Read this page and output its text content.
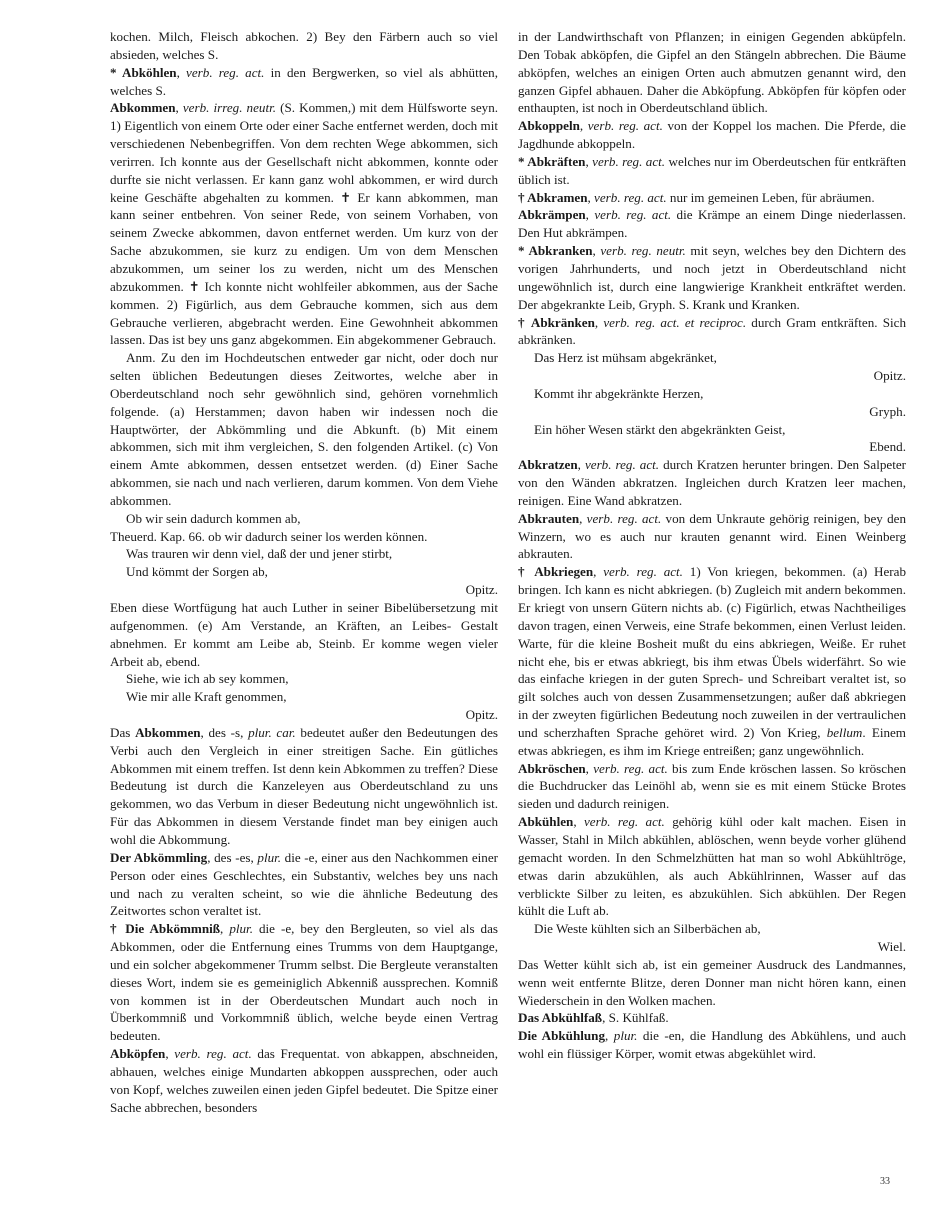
kochen. Milch, Fleisch abkochen. 2) Bey den Färbern auch so viel absieden, welches S.

* Abköhlen, verb. reg. act. in den Bergwerken, so viel als abhütten, welches S.

Abkommen, verb. irreg. neutr. (S. Kommen,) mit dem Hülfsworte seyn. 1) Eigentlich von einem Orte oder einer Sache entfernet werden, doch mit verschiedenen Nebenbegriffen. Von dem rechten Wege abkommen, sich verirren. Ich konnte aus der Gesellschaft nicht abkommen, konnte oder durfte sie nicht verlassen. Er kann ganz wohl abkommen, er wird durch keine Geschäfte abgehalten zu kommen. ✝ Er kann abkommen, man kann seiner entbehren. Von seiner Rede, von seinem Vorhaben, von seinem Zwecke abkommen, davon entfernet werden. Um kurz von der Sache abzukommen, sie kurz zu endigen. Um von dem Menschen abzukommen, um seiner los zu werden, nicht um des Menschen abzukommen. ✝ Ich konnte nicht wohlfeiler abkommen, aus der Sache kommen. 2) Figürlich, aus dem Gebrauche kommen, sich aus dem Gebrauche verlieren, abgebracht werden. Eine Gewohnheit abkommen lassen. Das ist bey uns ganz abgekommen. Ein abgekommener Gebrauch.

Anm. Zu den im Hochdeutschen entweder gar nicht, oder doch nur selten üblichen Bedeutungen dieses Zeitwortes, welche aber in Oberdeutschland noch sehr gewöhnlich sind, gehören vornehmlich folgende. (a) Herstammen; davon haben wir indessen noch die Hauptwörter, der Abkömmling und die Abkunft. (b) Mit einem abkommen, sich mit ihm vergleichen, S. den folgenden Artikel. (c) Von einem Amte abkommen, dessen entsetzet werden. (d) Einer Sache abkommen, sie nach und nach verlieren, darum kommen. Von dem Viehe abkommen.

Ob wir sein dadurch kommen ab,

Theuerd. Kap. 66. ob wir dadurch seiner los werden können.

Was trauren wir denn viel, daß der und jener stirbt,

Und kömmt der Sorgen ab,

Opitz.

Eben diese Wortfügung hat auch Luther in seiner Bibelübersetzung mit aufgenommen. (e) Am Verstande, an Kräften, an Leibes- Gestalt abnehmen. Er kommt am Leibe ab, Steinb. Er komme wegen vieler Arbeit ab, ebend.

Siehe, wie ich ab sey kommen,

Wie mir alle Kraft genommen,

Opitz.

Das Abkommen, des -s, plur. car. bedeutet außer den Bedeutungen des Verbi auch den Vergleich in einer streitigen Sache. Ein gütliches Abkommen mit einem treffen. Ist denn kein Abkommen zu treffen? Diese Bedeutung ist durch die Kanzeleyen aus Oberdeutschland zu uns gekommen, wo das Verbum in dieser Bedeutung nicht ungewöhnlich ist. Für das Abkommen in diesem Verstande findet man bey einigen auch wohl die Abkommung.

Der Abkömmling, des -es, plur. die -e, einer aus den Nachkommen einer Person oder eines Geschlechtes, ein Substantiv, welches bey uns nach und nach zu veralten scheint, so wie die ähnliche Bedeutung des Zeitwortes schon veraltet ist.

† Die Abkömmniß, plur. die -e, bey den Bergleuten, so viel als das Abkommen, oder die Entfernung eines Trumms von dem Hauptgange, und ein solcher abgekommener Trumm selbst. Die Bergleute veranstalten dieses Wort, indem sie es gemeiniglich Abkenniß aussprechen. Komniß von kommen ist in der Oberdeutschen Mundart auch noch in Überkommniß und Vorkommniß üblich, welche beyde einen Vertrag bedeuten.

Abköpfen, verb. reg. act. das Frequentat. von abkappen, abschneiden, abhauen, welches einige Mundarten abkoppen aussprechen, oder auch von Kopf, welches zuweilen einen jeden Gipfel bedeutet. Die Spitze einer Sache abbrechen, besonders

in der Landwirthschaft von Pflanzen; in einigen Gegenden abküpfeln. Den Tobak abköpfen, die Gipfel an den Stängeln abbrechen. Die Bäume abköpfen, welches an einigen Orten auch abmutzen genannt wird, den ganzen Gipfel abhauen. Daher die Abköpfung. Abköpfen für köpfen oder enthaupten, ist noch in Oberdeutschland üblich.

Abkoppeln, verb. reg. act. von der Koppel los machen. Die Pferde, die Jagdhunde abkoppeln.

* Abkräften, verb. reg. act. welches nur im Oberdeutschen für entkräften üblich ist.

† Abkramen, verb. reg. act. nur im gemeinen Leben, für abräumen.

Abkrämpen, verb. reg. act. die Krämpe an einem Dinge niederlassen. Den Hut abkrämpen.

* Abkranken, verb. reg. neutr. mit seyn, welches bey den Dichtern des vorigen Jahrhunderts, und noch jetzt in Oberdeutschland nicht ungewöhnlich ist, durch eine langwierige Krankheit entkräftet werden. Der abgekrankte Leib, Gryph. S. Krank und Kranken.

† Abkränken, verb. reg. act. et reciproc. durch Gram entkräften. Sich abkränken.

Das Herz ist mühsam abgekränket,

Opitz.

Kommt ihr abgekränkte Herzen,

Gryph.

Ein höher Wesen stärkt den abgekränkten Geist,

Ebend.

Abkratzen, verb. reg. act. durch Kratzen herunter bringen. Den Salpeter von den Wänden abkratzen. Ingleichen durch Kratzen leer machen, reinigen. Eine Wand abkratzen.

Abkrauten, verb. reg. act. von dem Unkraute gehörig reinigen, bey den Winzern, wo es auch nur krauten genannt wird. Einen Weinberg abkrauten.

† Abkriegen, verb. reg. act. 1) Von kriegen, bekommen. (a) Herab bringen. Ich kann es nicht abkriegen. (b) Zugleich mit andern bekommen. Er kriegt von unsern Gütern nichts ab. (c) Figürlich, etwas Nachtheiliges davon tragen, einen Verweis, eine Strafe bekommen, einen Verlust leiden. Warte, für die kleine Bosheit mußt du eins abkriegen, Weiße. Er ruhet nicht ehe, bis er etwas abkriegt, bis ihm etwas Übels widerfährt. So wie das einfache kriegen in der guten Sprech- und Schreibart veraltet ist, so gilt solches auch von dessen Zusammensetzungen; außer daß abkriegen in der zweyten figürlichen Bedeutung noch zuweilen in der vertraulichen und scherzhaften Sprache gehöret wird. 2) Von Krieg, bellum. Einem etwas abkriegen, es ihm im Kriege entreißen; ganz ungewöhnlich.

Abkröschen, verb. reg. act. bis zum Ende kröschen lassen. So kröschen die Buchdrucker das Leinöhl ab, wenn sie es mit einem Stücke Brotes sieden und dadurch reinigen.

Abkühlen, verb. reg. act. gehörig kühl oder kalt machen. Eisen in Wasser, Stahl in Milch abkühlen, ablöschen, wenn beyde vorher glühend gemacht worden. In den Schmelzhütten hat man so wohl Abkühltröge, etwas darin abzukühlen, als auch Abkühlrinnen, Wasser auf das verblickte Silber zu leiten, es abzukühlen. Sich abkühlen. Der Regen kühlt die Luft ab.

Die Weste kühlten sich an Silberbächen ab,

Wiel.

Das Wetter kühlt sich ab, ist ein gemeiner Ausdruck des Landmannes, wenn weit entfernte Blitze, deren Donner man nicht hören kann, einen Wiederschein in den Wolken machen.

Das Abkühlfaß, S. Kühlfaß.

Die Abkühlung, plur. die -en, die Handlung des Abkühlens, und auch wohl ein flüssiger Körper, womit etwas abgekühlet wird.

33
